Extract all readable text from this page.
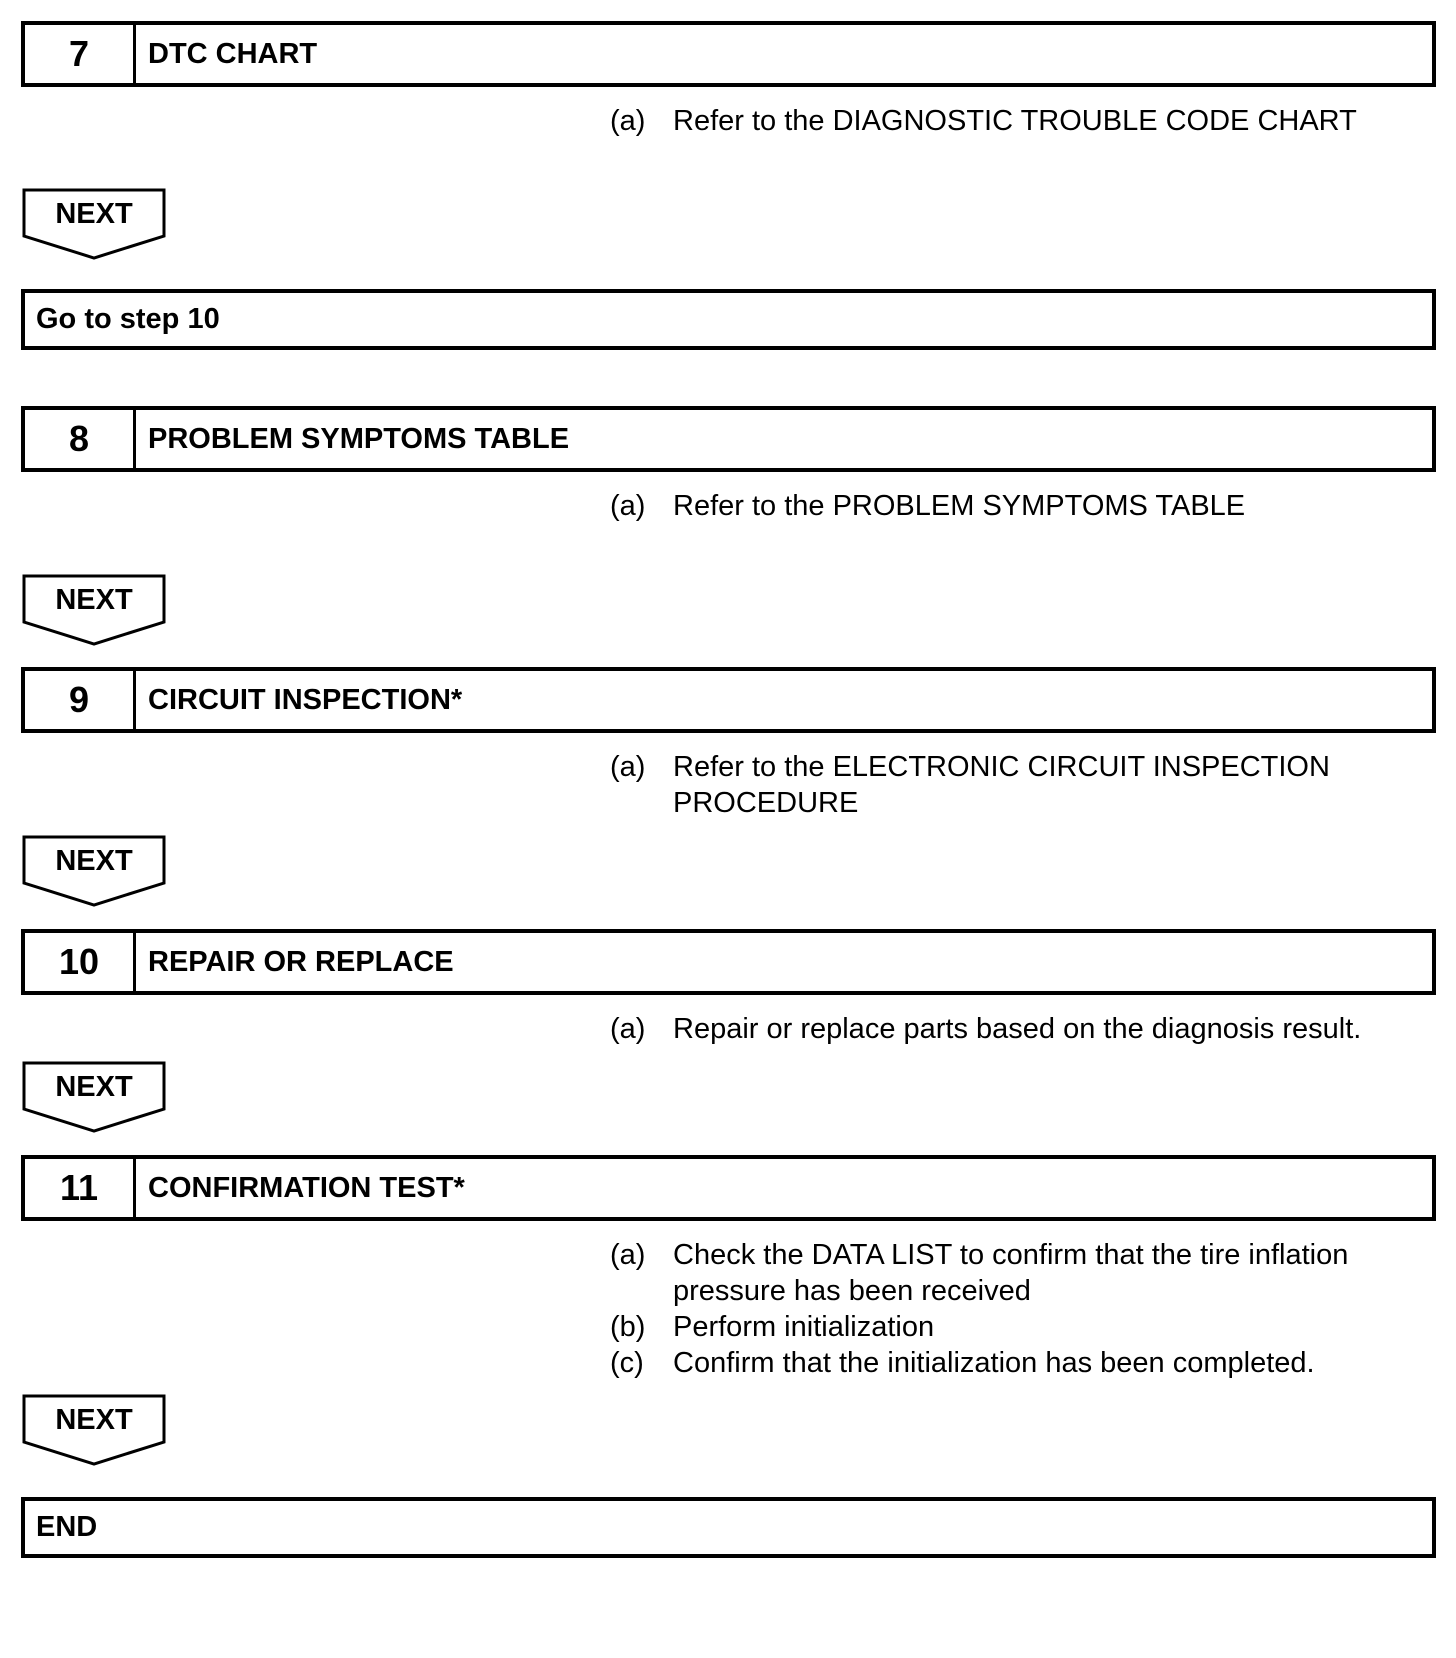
7	DTC CHART
(a) Refer to the DIAGNOSTIC TROUBLE CODE CHART
NEXT
Go to step 10
8	PROBLEM SYMPTOMS TABLE
(a) Refer to the PROBLEM SYMPTOMS TABLE
NEXT
9	CIRCUIT INSPECTION*
(a) Refer to the ELECTRONIC CIRCUIT INSPECTION PROCEDURE
NEXT
10	REPAIR OR REPLACE
(a) Repair or replace parts based on the diagnosis result.
NEXT
11	CONFIRMATION TEST*
(a) Check the DATA LIST to confirm that the tire inflation pressure has been received
(b) Perform initialization
(c)	Confirm that the initialization has been completed.
NEXT
END
